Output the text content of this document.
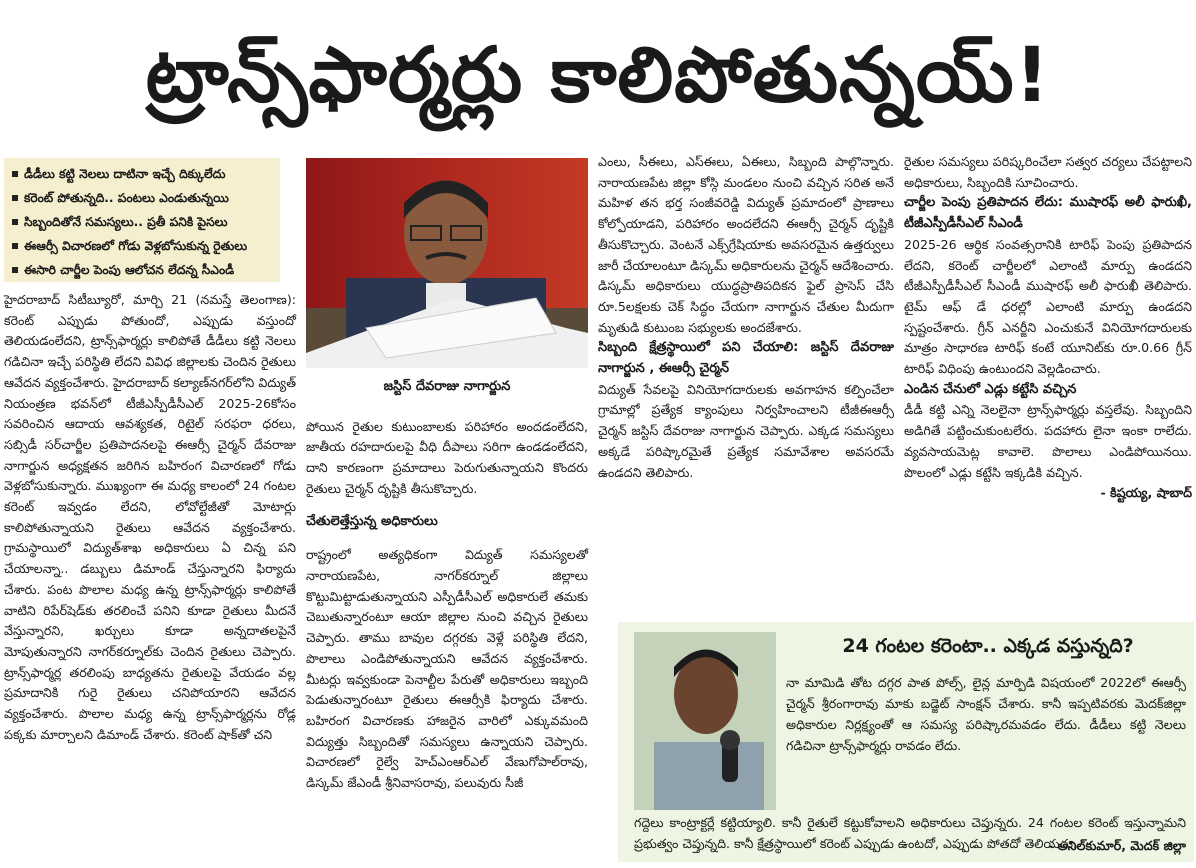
ట్రాన్స్‌ఫార్మర్లు కాలిపోతున్నయ్!
డీడీలు కట్టి నెలలు దాటినా ఇచ్చే దిక్కులేదు
కరెంట్ పోతున్నది.. పంటలు ఎండుతున్నయి
సిబ్బందితోనే సమస్యలు.. ప్రతీ పనికి పైసలు
ఈఆర్సీ విచారణలో గోడు వెళ్లబోసుకున్న రైతులు
ఈసారి చార్జీల పెంపు ఆలోచన లేదన్న సీఎండీ

హైదరాబాద్ సిటీబ్యూరో, మార్చి 21 (నమస్తే తెలంగాణ): కరెంట్ ఎప్పుడు పోతుందో, ఎప్పుడు వస్తుందో తెలియడంలేదని, ట్రాన్స్‌ఫార్మర్లు కాలిపోతే డీడీలు కట్టి నెలలు గడిచినా ఇచ్చే పరిస్థితి లేదని వివిధ జిల్లాలకు చెందిన రైతులు ఆవేదన వ్యక్తంచేశారు. హైదరాబాద్ కల్యాణ్‌నగర్‌లోని విద్యుత్ నియంత్రణ భవన్‌లో టీజీఎస్పీడీసీఎల్ 2025-26కోసం సవరించిన ఆదాయ ఆవశ్యకత, రిటైల్ సరఫరా ధరలు, సబ్సిడీ సర్‌చార్జీల ప్రతిపాదనలపై ఈఆర్సీ చైర్మన్ దేవరాజు నాగార్జున అధ్యక్షతన జరిగిన బహిరంగ విచారణలో గోడు వెళ్లబోసుకున్నారు. ముఖ్యంగా ఈ మధ్య కాలంలో 24 గంటల కరెంట్ ఇవ్వడం లేదని, లోవోల్టేజీతో మోటార్లు కాలిపోతున్నాయని రైతులు ఆవేదన వ్యక్తంచేశారు. గ్రామస్థాయిలో విద్యుత్‌శాఖ అధికారులు ఏ చిన్న పని చేయాలన్నా.. డబ్బులు డిమాండ్ చేస్తున్నారని ఫిర్యాదు చేశారు. పంట పొలాల మధ్య ఉన్న ట్రాన్స్‌ఫార్మర్లు కాలిపోతే వాటిని రిపేర్‌షెడ్‌కు తరలించే పనిని కూడా రైతులు మీదనే వేస్తున్నారని, ఖర్చులు కూడా అన్నదాతలపైనే మోపుతున్నారని నాగర్‌కర్నూల్‌కు చెందిన రైతులు చెప్పారు. ట్రాన్స్‌ఫార్మర్ల తరలింపు బాధ్యతను రైతులపై వేయడం వల్ల ప్రమాదానికి గురై రైతులు చనిపోయారని ఆవేదన వ్యక్తంచేశారు. పొలాల మధ్య ఉన్న ట్రాన్స్‌ఫార్మర్లను రోడ్ల పక్కకు మార్చాలని డిమాండ్ చేశారు. కరెంట్ షాక్‌తో చని

జస్టిస్ దేవరాజు నాగార్జున

పోయిన రైతుల కుటుంబాలకు పరిహారం అందడంలేదని, జాతీయ రహదారులపై వీధి దీపాలు సరిగా ఉండడంలేదని, దాని కారణంగా ప్రమాదాలు పెరుగుతున్నాయని కొందరు రైతులు చైర్మన్ దృష్టికి తీసుకొచ్చారు.

చేతులెత్తేస్తున్న అధికారులు

రాష్ట్రంలో అత్యధికంగా విద్యుత్ సమస్యలతో నారాయణపేట, నాగర్‌కర్నూల్ జిల్లాలు కొట్టుమిట్టాడుతున్నాయని ఎస్పీడీసీఎల్ అధికారులే తమకు చెబుతున్నారంటూ ఆయా జిల్లాల నుంచి వచ్చిన రైతులు చెప్పారు. తాము బావుల దగ్గరకు వెళ్లే పరిస్థితి లేదని, పొలాలు ఎండిపోతున్నాయని ఆవేదన వ్యక్తంచేశారు. మీటర్లు ఇవ్వకుండా పెనాల్టీల పేరుతో అధికారులు ఇబ్బంది పెడుతున్నారంటూ రైతులు ఈఆర్సీకి ఫిర్యాదు చేశారు. బహిరంగ విచారణకు హాజరైన వారిలో ఎక్కువమంది విద్యుత్తు సిబ్బందితో సమస్యలు ఉన్నాయని చెప్పారు. విచారణలో రైల్వే హెచ్‌ఎంఆర్‌ఎల్ వేణుగోపాల్‌రావు, డిస్కమ్ జేఎండీ శ్రీనివాసరావు, పలువురు సీజీ

ఎంలు, సీఈలు, ఎస్ఈలు, ఏఈలు, సిబ్బంది పాల్గొన్నారు. నారాయణపేట జిల్లా కోస్గి మండలం నుంచి వచ్చిన సరిత అనే మహిళ తన భర్త సంజీవరెడ్డి విద్యుత్ ప్రమాదంలో ప్రాణాలు కోల్పోయాడని, పరిహారం అందలేదని ఈఆర్సీ చైర్మన్ దృష్టికి తీసుకొచ్చారు. వెంటనే ఎక్స్‌గ్రేషియాకు అవసరమైన ఉత్తర్వులు జారీ చేయాలంటూ డిస్కమ్ అధికారులను చైర్మన్ ఆదేశించారు. డిస్కమ్ అధికారులు యుద్ధప్రాతిపదికన ఫైల్ ప్రాసెస్ చేసి రూ.5లక్షలకు చెక్ సిద్ధం చేయగా నాగార్జున చేతుల మీదుగా మృతుడి కుటుంబ సభ్యులకు అందజేశారు.

సిబ్బంది క్షేత్రస్థాయిలో పని చేయాలి: జస్టిస్ దేవరాజు నాగార్జున , ఈఆర్సీ చైర్మన్

విద్యుత్ సేవలపై వినియోగదారులకు అవగాహన కల్పించేలా గ్రామాల్లో ప్రత్యేక క్యాంపులు నిర్వహించాలని టీజీఈఆర్సీ చైర్మన్ జస్టిస్ దేవరాజు నాగార్జున చెప్పారు. ఎక్కడ సమస్యలు అక్కడే పరిష్కారమైతే ప్రత్యేక సమావేశాల అవసరమే ఉండదని తెలిపారు.

రైతుల సమస్యలు పరిష్కరించేలా సత్వర చర్యలు చేపట్టాలని అధికారులు, సిబ్బందికి సూచించారు.

చార్జీల పెంపు ప్రతిపాదన లేదు: ముషారఫ్ అలీ ఫారుఖీ, టీజీఎస్పీడీసీఎల్ సీఎండీ

2025-26 ఆర్థిక సంవత్సరానికి టారిఫ్ పెంపు ప్రతిపాదన లేదని, కరెంట్ చార్జీలలో ఎలాంటి మార్పు ఉండదని టీజీఎస్పీడీసీఎల్ సీఎండీ ముషారఫ్ అలీ ఫారుఖీ తెలిపారు. టైమ్ ఆఫ్ డే ధరల్లో ఎలాంటి మార్పు ఉండదని స్పష్టంచేశారు. గ్రీన్ ఎనర్జీని ఎంచుకునే వినియోగదారులకు మాత్రం సాధారణ టారిఫ్ కంటే యూనిట్‌కు రూ.0.66 గ్రీన్ టారిఫ్ విధింపు ఉంటుందని వెల్లడించారు.

ఎండిన చేనులో ఎడ్లు కట్టేసి వచ్చిన

డీడీ కట్టి ఎన్ని నెలలైనా ట్రాన్స్‌ఫార్మర్లు వస్తలేవు. సిబ్బందిని అడిగితే పట్టించుకుంటలేరు. పదహారు లైనా ఇంకా రాలేదు. వ్యవసాయమెట్ల కావాలె. పొలాలు ఎండిపోయినయి. పొలంలో ఎడ్లు కట్టేసి ఇక్కడికి వచ్చిన.

- కిష్టయ్య, షాబాద్

24 గంటల కరెంటా.. ఎక్కడ వస్తున్నది?
నా మామిడి తోట దగ్గర పాత పోల్స్, లైన్ల మార్పిడి విషయంలో 2022లో ఈఆర్సీ చైర్మన్ శ్రీరంగారావు మాకు బడ్జెట్ సాంక్షన్ చేశారు. కానీ ఇప్పటివరకు మెదక్‌జిల్లా అధికారుల నిర్లక్ష్యంతో ఆ సమస్య పరిష్కారమవడం లేదు. డీడీలు కట్టి నెలలు గడిచినా ట్రాన్స్‌ఫార్మర్లు రావడం లేదు.
గద్దెలు కాంట్రాక్టర్లే కట్టియ్యాలి. కానీ రైతులే కట్టుకోవాలని అధికారులు చెప్తున్నరు. 24 గంటల కరెంట్ ఇస్తున్నామని ప్రభుత్వం చెప్తున్నది. కానీ క్షేత్రస్థాయిలో కరెంట్ ఎప్పుడు ఉంటదో, ఎప్పుడు పోతదో తెలియదు.
- అనిల్‌కుమార్, మెదక్ జిల్లా
